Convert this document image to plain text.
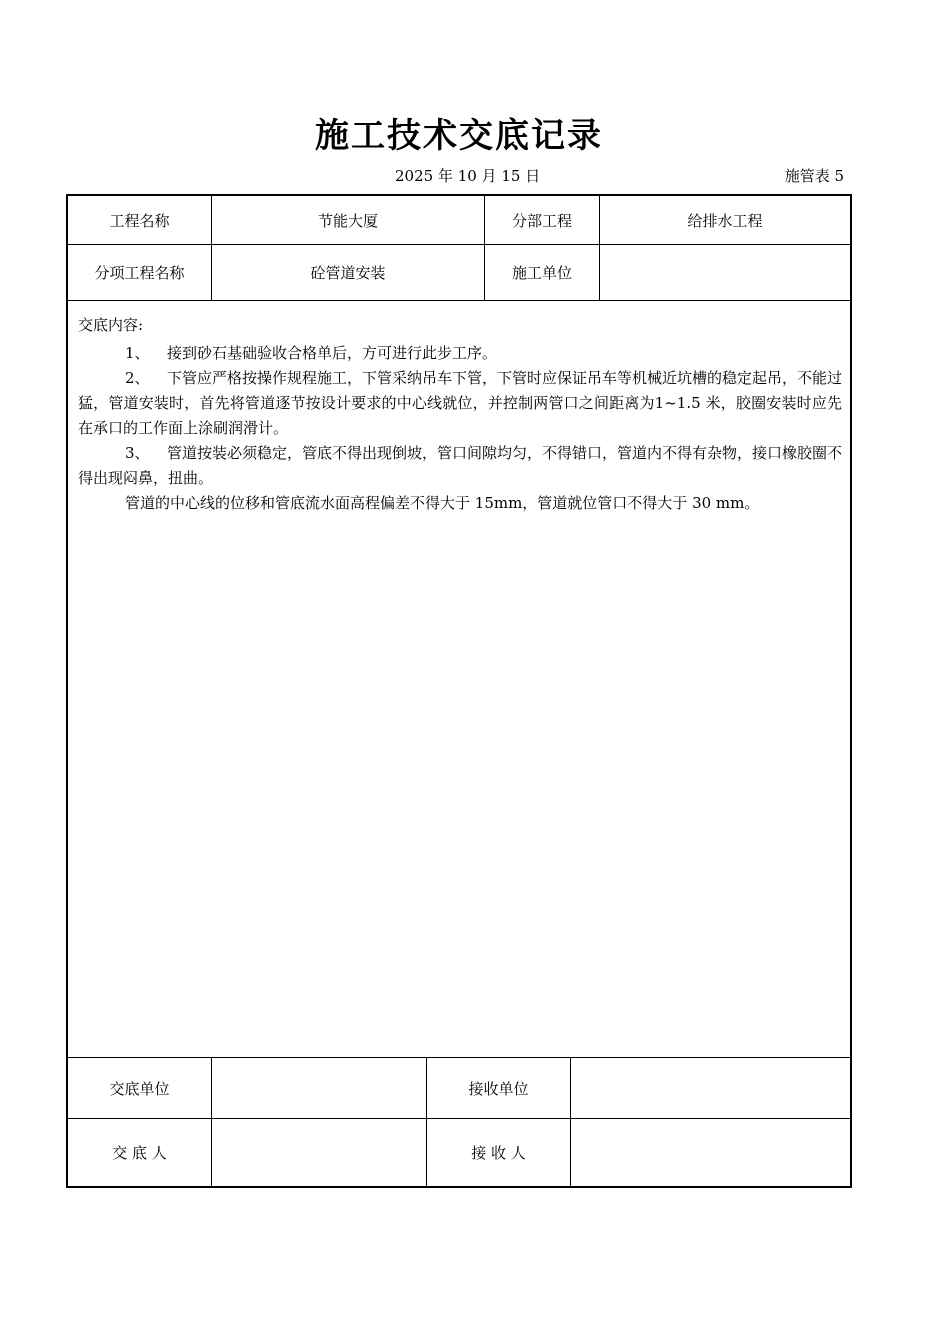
施工技术交底记录
2025 年 10 月 15 日	施管表 5
工程名称	节能大厦	分部工程	给排水工程
分项工程名称	砼管道安装	施工单位
交底内容:

1、 接到砂石基础验收合格单后，方可进行此步工序。

2、 下管应严格按操作规程施工，下管采纳吊车下管，下管时应保证吊车等机械近坑槽的稳定起吊，不能过猛，管道安装时，首先将管道逐节按设计要求的中心线就位，并控制两管口之间距离为1~1.5 米，胶圈安装时应先在承口的工作面上涂刷润滑计。

3、 管道按装必须稳定，管底不得出现倒坡，管口间隙均匀，不得错口，管道内不得有杂物，接口橡胶圈不得出现闷鼻，扭曲。

管道的中心线的位移和管底流水面高程偏差不得大于 15mm，管道就位管口不得大于 30 mm。

交底单位	接收单位
交 底 人	接 收 人
